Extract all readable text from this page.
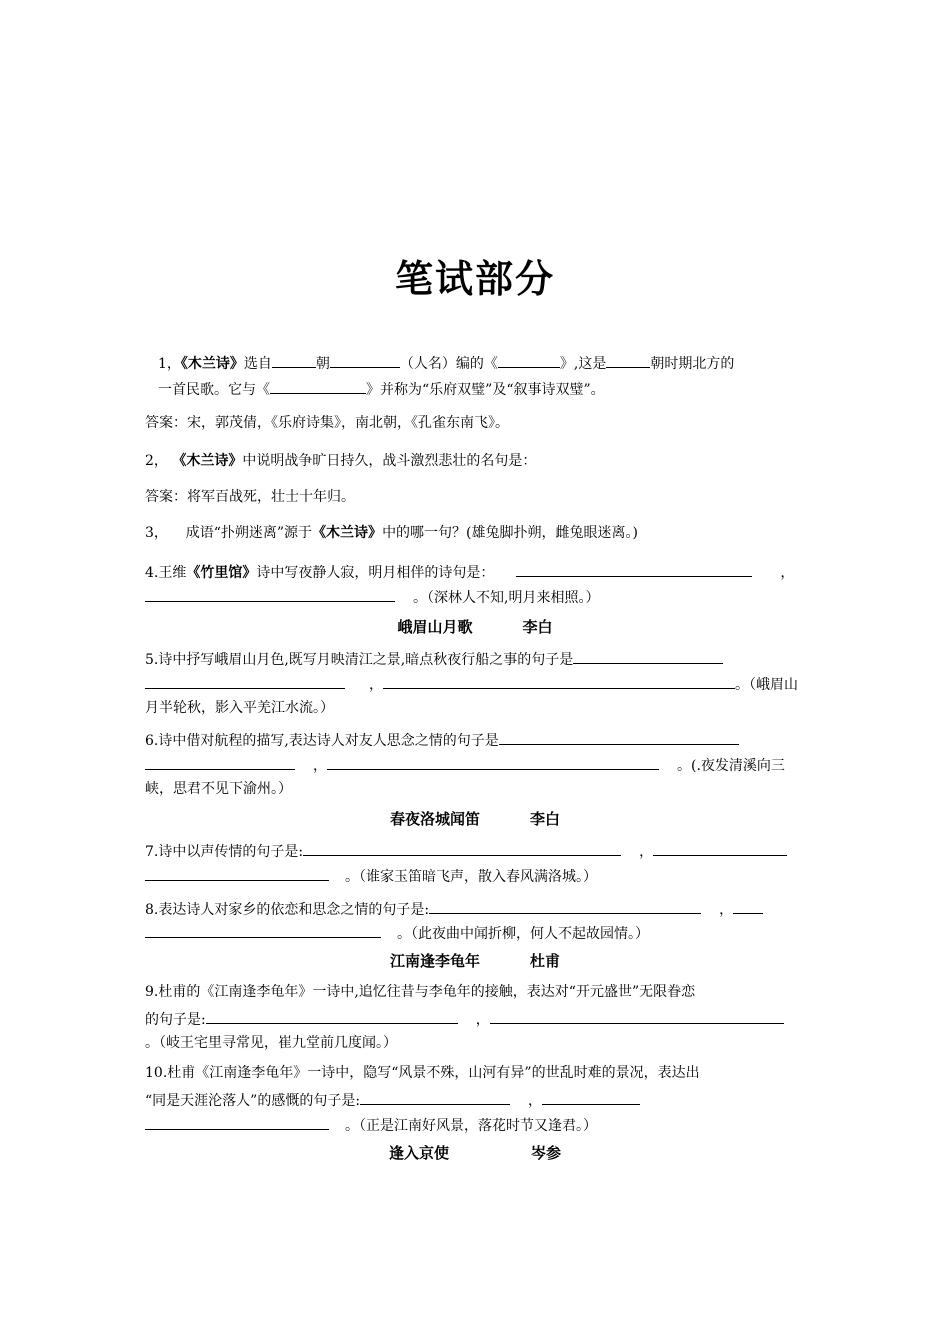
笔试部分
1，《木兰诗》选自	朝	（人名）编的《	》,这是	朝时期北方的
一首民歌。它与《	》并称为“乐府双璧”及“叙事诗双璧”。
答案：宋，郭茂倩，《乐府诗集》，南北朝，《孔雀东南飞》。
2， 《木兰诗》中说明战争旷日持久，战斗激烈悲壮的名句是：
答案：将军百战死，壮士十年归。
3， 成语“扑朔迷离”源于《木兰诗》中的哪一句？(雄兔脚扑朔，雌兔眼迷离。)
4.王维《竹里馆》诗中写夜静人寂，明月相伴的诗句是：	，
。（深林人不知,明月来相照。）
峨眉山月歌	李白
5.诗中抒写峨眉山月色,既写月映清江之景,暗点秋夜行船之事的句子是
，	。（峨眉山
月半轮秋，影入平羌江水流。）
6.诗中借对航程的描写,表达诗人对友人思念之情的句子是
，	。(.夜发清溪向三
峡，思君不见下渝州。）
春夜洛城闻笛	李白
7.诗中以声传情的句子是:	，
。（谁家玉笛暗飞声，散入春风满洛城。）
8.表达诗人对家乡的依恋和思念之情的句子是:	，
。（此夜曲中闻折柳，何人不起故园情。）
江南逢李龟年	杜甫
9.杜甫的《江南逢李龟年》一诗中,追忆往昔与李龟年的接触，表达对“开元盛世”无限眷恋
的句子是:	，
。（岐王宅里寻常见，崔九堂前几度闻。）
10.杜甫《江南逢李龟年》一诗中，隐写“风景不殊，山河有异”的世乱时难的景况，表达出
“同是天涯沦落人”的感慨的句子是:	，
。（正是江南好风景，落花时节又逢君。）
逢入京使	岑参
